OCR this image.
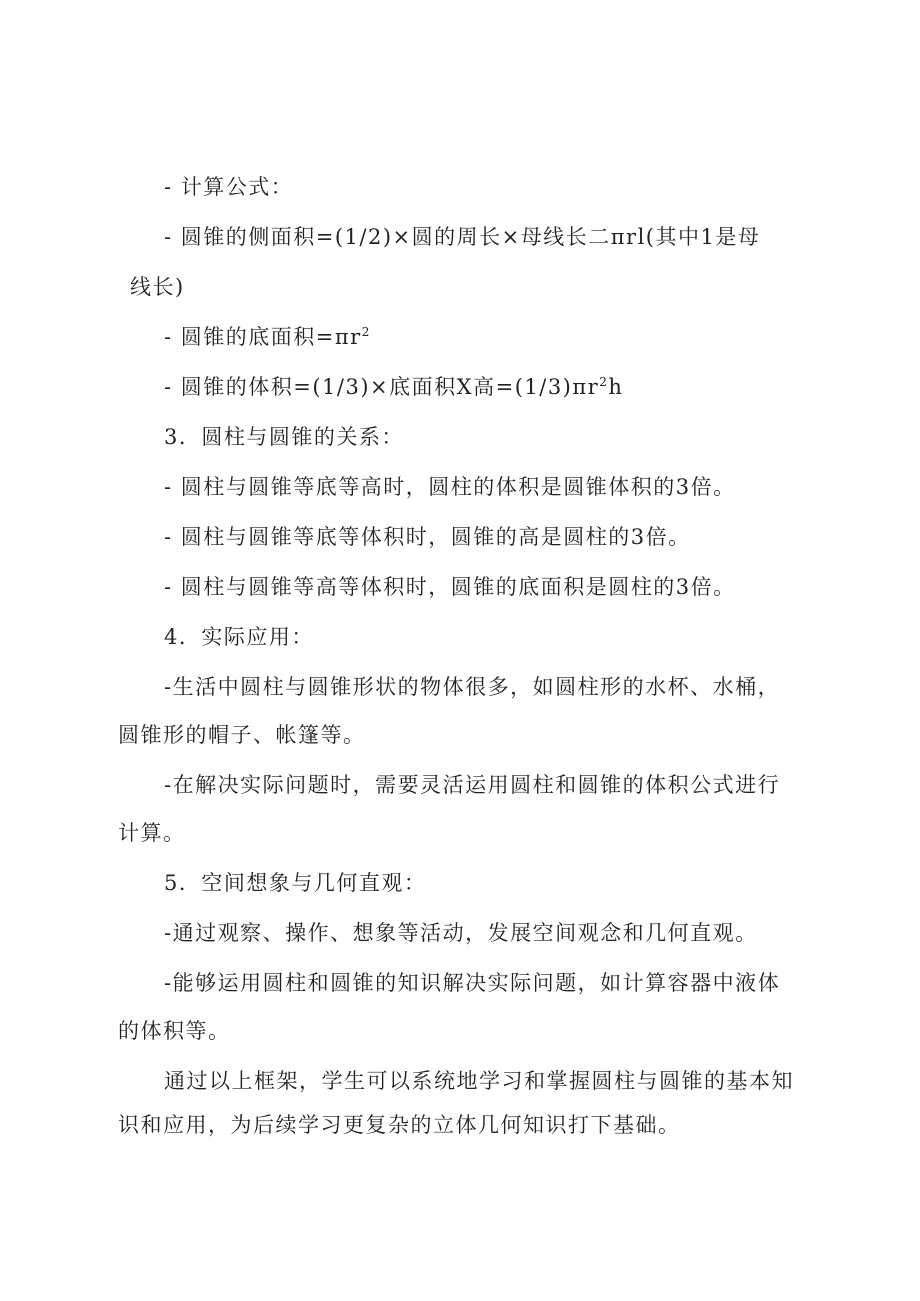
- 计算公式：
- 圆锥的侧面积=(1/2)×圆的周长×母线长二πrl(其中1是母
线长)
- 圆锥的底面积$=\pi r^2$
- 圆锥的体积=(1/3)×底面积X高$=(1/3)\pi r^2h$
3．圆柱与圆锥的关系：
- 圆柱与圆锥等底等高时，圆柱的体积是圆锥体积的3倍。
- 圆柱与圆锥等底等体积时，圆锥的高是圆柱的3倍。
- 圆柱与圆锥等高等体积时，圆锥的底面积是圆柱的3倍。
4．实际应用：
-生活中圆柱与圆锥形状的物体很多，如圆柱形的水杯、水桶，
圆锥形的帽子、帐篷等。
-在解决实际问题时，需要灵活运用圆柱和圆锥的体积公式进行
计算。
5．空间想象与几何直观：
-通过观察、操作、想象等活动，发展空间观念和几何直观。
-能够运用圆柱和圆锥的知识解决实际问题，如计算容器中液体
的体积等。
通过以上框架，学生可以系统地学习和掌握圆柱与圆锥的基本知
识和应用，为后续学习更复杂的立体几何知识打下基础。
